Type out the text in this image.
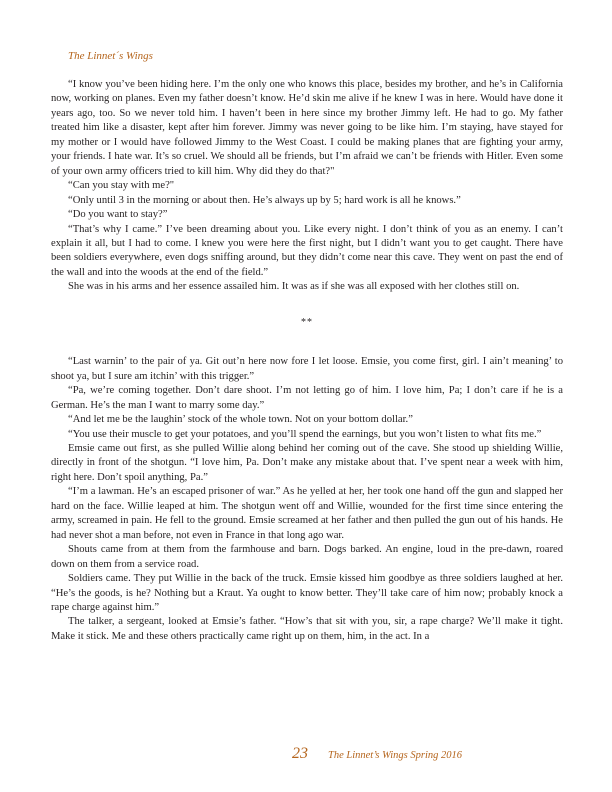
The Linnet´s Wings

“I know you’ve been hiding here. I’m the only one who knows this place, besides my brother, and he’s in California now, working on planes. Even my father doesn’t know. He’d skin me alive if he knew I was in here. Would have done it years ago, too. So we never told him. I haven’t been in here since my brother Jimmy left. He had to go. My father treated him like a disaster, kept after him forever. Jimmy was never going to be like him. I’m staying, have stayed for my mother or I would have followed Jimmy to the West Coast. I could be making planes that are fighting your army, your friends. I hate war. It’s so cruel. We should all be friends, but I’m afraid we can’t be friends with Hitler. Even some of your own army officers tried to kill him. Why did they do that?"

“Can you stay with me?"

“Only until 3 in the morning or about then. He’s always up by 5; hard work is all he knows.”

“Do you want to stay?”

“That’s why I came.” I’ve been dreaming about you. Like every night. I don’t think of you as an enemy. I can’t explain it all, but I had to come. I knew you were here the first night, but I didn’t want you to get caught. There have been soldiers everywhere, even dogs sniffing around, but they didn’t come near this cave. They went on past the end of the wall and into the woods at the end of the field.”

She was in his arms and her essence assailed him. It was as if she was all exposed with her clothes still on.

**

“Last warnin’ to the pair of ya. Git out’n here now fore I let loose. Emsie, you come first, girl. I ain’t meaning’ to shoot ya, but I sure am itchin’ with this trigger.”

“Pa, we’re coming together. Don’t dare shoot. I’m not letting go of him. I love him, Pa; I don’t care if he is a German. He’s the man I want to marry some day.”

“And let me be the laughin’ stock of the whole town. Not on your bottom dollar.”

“You use their muscle to get your potatoes, and you’ll spend the earnings, but you won’t listen to what fits me.”

Emsie came out first, as she pulled Willie along behind her coming out of the cave. She stood up shielding Willie, directly in front of the shotgun. “I love him, Pa. Don’t make any mistake about that. I’ve spent near a week with him, right here. Don’t spoil anything, Pa.”

“I’m a lawman. He’s an escaped prisoner of war.” As he yelled at her, her took one hand off the gun and slapped her hard on the face. Willie leaped at him. The shotgun went off and Willie, wounded for the first time since entering the army, screamed in pain. He fell to the ground. Emsie screamed at her father and then pulled the gun out of his hands. He had never shot a man before, not even in France in that long ago war.

Shouts came from at them from the farmhouse and barn. Dogs barked. An engine, loud in the pre-dawn, roared down on them from a service road.

Soldiers came. They put Willie in the back of the truck. Emsie kissed him goodbye as three soldiers laughed at her. “He’s the goods, is he? Nothing but a Kraut. Ya ought to know better. They’ll take care of him now; probably knock a rape charge against him.”

The talker, a sergeant, looked at Emsie’s father. “How’s that sit with you, sir, a rape charge? We’ll make it tight. Make it stick. Me and these others practically came right up on them, him, in the act. In a

23 The Linnet’s Wings Spring 2016
